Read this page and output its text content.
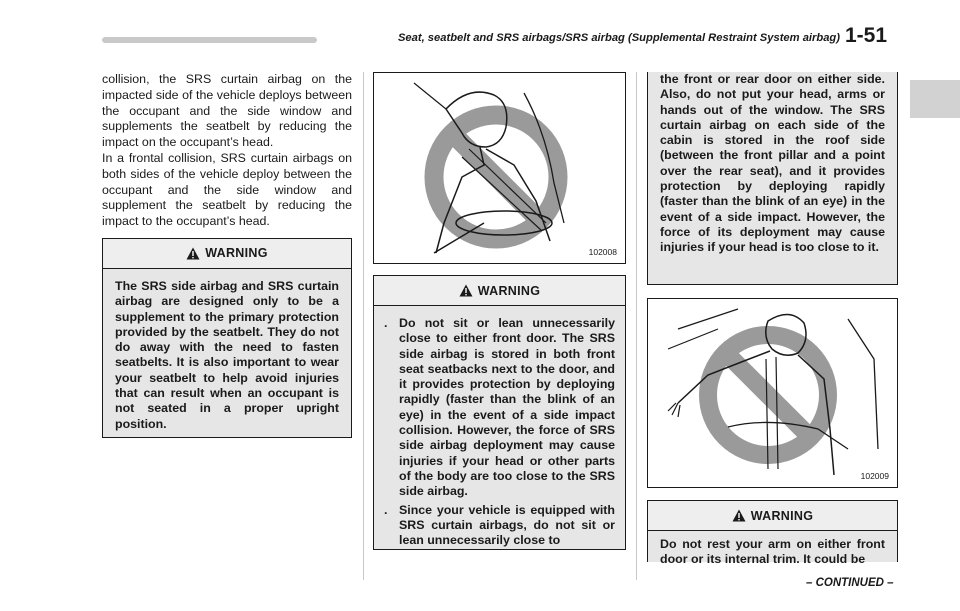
Seat, seatbelt and SRS airbags/SRS airbag (Supplemental Restraint System airbag) 1-51

collision, the SRS curtain airbag on the impacted side of the vehicle deploys between the occupant and the side window and supplements the seatbelt by reducing the impact on the occupant’s head.

In a frontal collision, SRS curtain airbags on both sides of the vehicle deploy between the occupant and the side window and supplement the seatbelt by reducing the impact to the occupant’s head.

WARNING
The SRS side airbag and SRS curtain airbag are designed only to be a supplement to the primary protection provided by the seatbelt. They do not do away with the need to fasten seatbelts. It is also important to wear your seatbelt to help avoid injuries that can result when an occupant is not seated in a proper upright position.
102008
WARNING
. Do not sit or lean unnecessarily close to either front door. The SRS side airbag is stored in both front seat seatbacks next to the door, and it provides protection by deploying rapidly (faster than the blink of an eye) in the event of a side impact collision. However, the force of SRS side airbag deployment may cause injuries if your head or other parts of the body are too close to the SRS side airbag.
. Since your vehicle is equipped with SRS curtain airbags, do not sit or lean unnecessarily close to
the front or rear door on either side. Also, do not put your head, arms or hands out of the window. The SRS curtain airbag on each side of the cabin is stored in the roof side (between the front pillar and a point over the rear seat), and it provides protection by deploying rapidly (faster than the blink of an eye) in the event of a side impact. However, the force of its deployment may cause injuries if your head is too close to it.
102009
WARNING
Do not rest your arm on either front door or its internal trim. It could be
– CONTINUED –
